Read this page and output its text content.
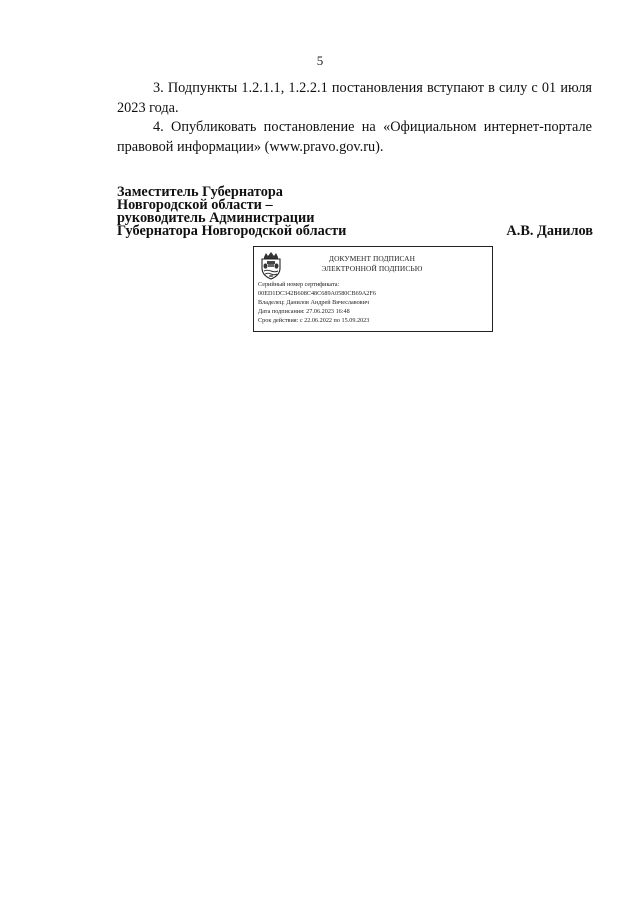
5

3. Подпункты 1.2.1.1, 1.2.2.1 постановления вступают в силу с 01 июля 2023 года.

4. Опубликовать постановление на «Официальном интернет-портале правовой информации» (www.pravo.gov.ru).

Заместитель Губернатора
Новгородской области –
руководитель Администрации
Губернатора Новгородской области	А.В. Данилов
ДОКУМЕНТ ПОДПИСАН
ЭЛЕКТРОННОЙ ПОДПИСЬЮ
Серийный номер сертификата:
00ED1DC342B608C48C689A0580CB69A2F6
Владелец: Данилов Андрей Вячеславович
Дата подписания: 27.06.2023 16:48
Срок действия: с 22.06.2022 по 15.09.2023
